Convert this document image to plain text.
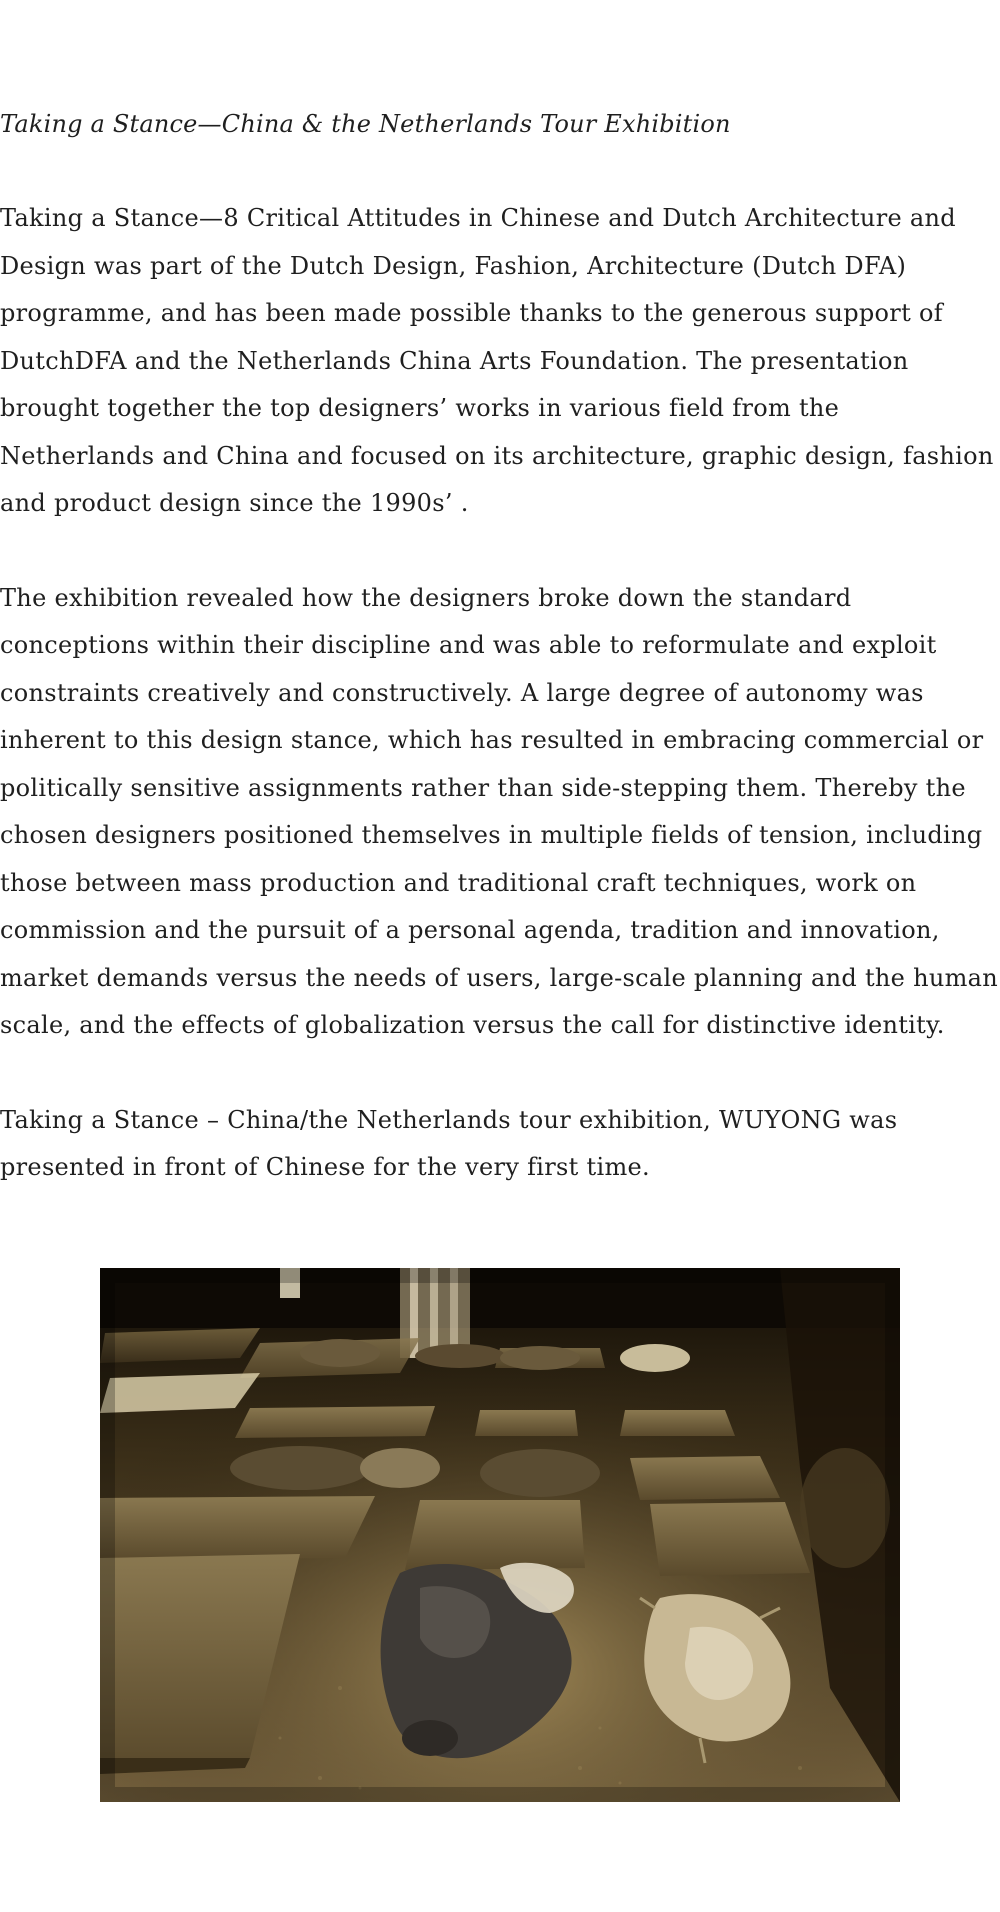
Taking a Stance—China & the Netherlands Tour Exhibition

Taking a Stance—8 Critical Attitudes in Chinese and Dutch Architecture and Design was part of the Dutch Design, Fashion, Architecture (Dutch DFA) programme, and has been made possible thanks to the generous support of DutchDFA and the Netherlands China Arts Foundation. The presentation brought together the top designers’ works in various field from the Netherlands and China and focused on its architecture, graphic design, fashion and product design since the 1990s’ .

The exhibition revealed how the designers broke down the standard conceptions within their discipline and was able to reformulate and exploit constraints creatively and constructively. A large degree of autonomy was inherent to this design stance, which has resulted in embracing commercial or politically sensitive assignments rather than side-stepping them. Thereby the chosen designers positioned themselves in multiple fields of tension, including those between mass production and traditional craft techniques, work on commission and the pursuit of a personal agenda, tradition and innovation, market demands versus the needs of users, large-scale planning and the human scale, and the effects of globalization versus the call for distinctive identity.

Taking a Stance – China/the Netherlands tour exhibition, WUYONG was presented in front of Chinese for the very first time.
